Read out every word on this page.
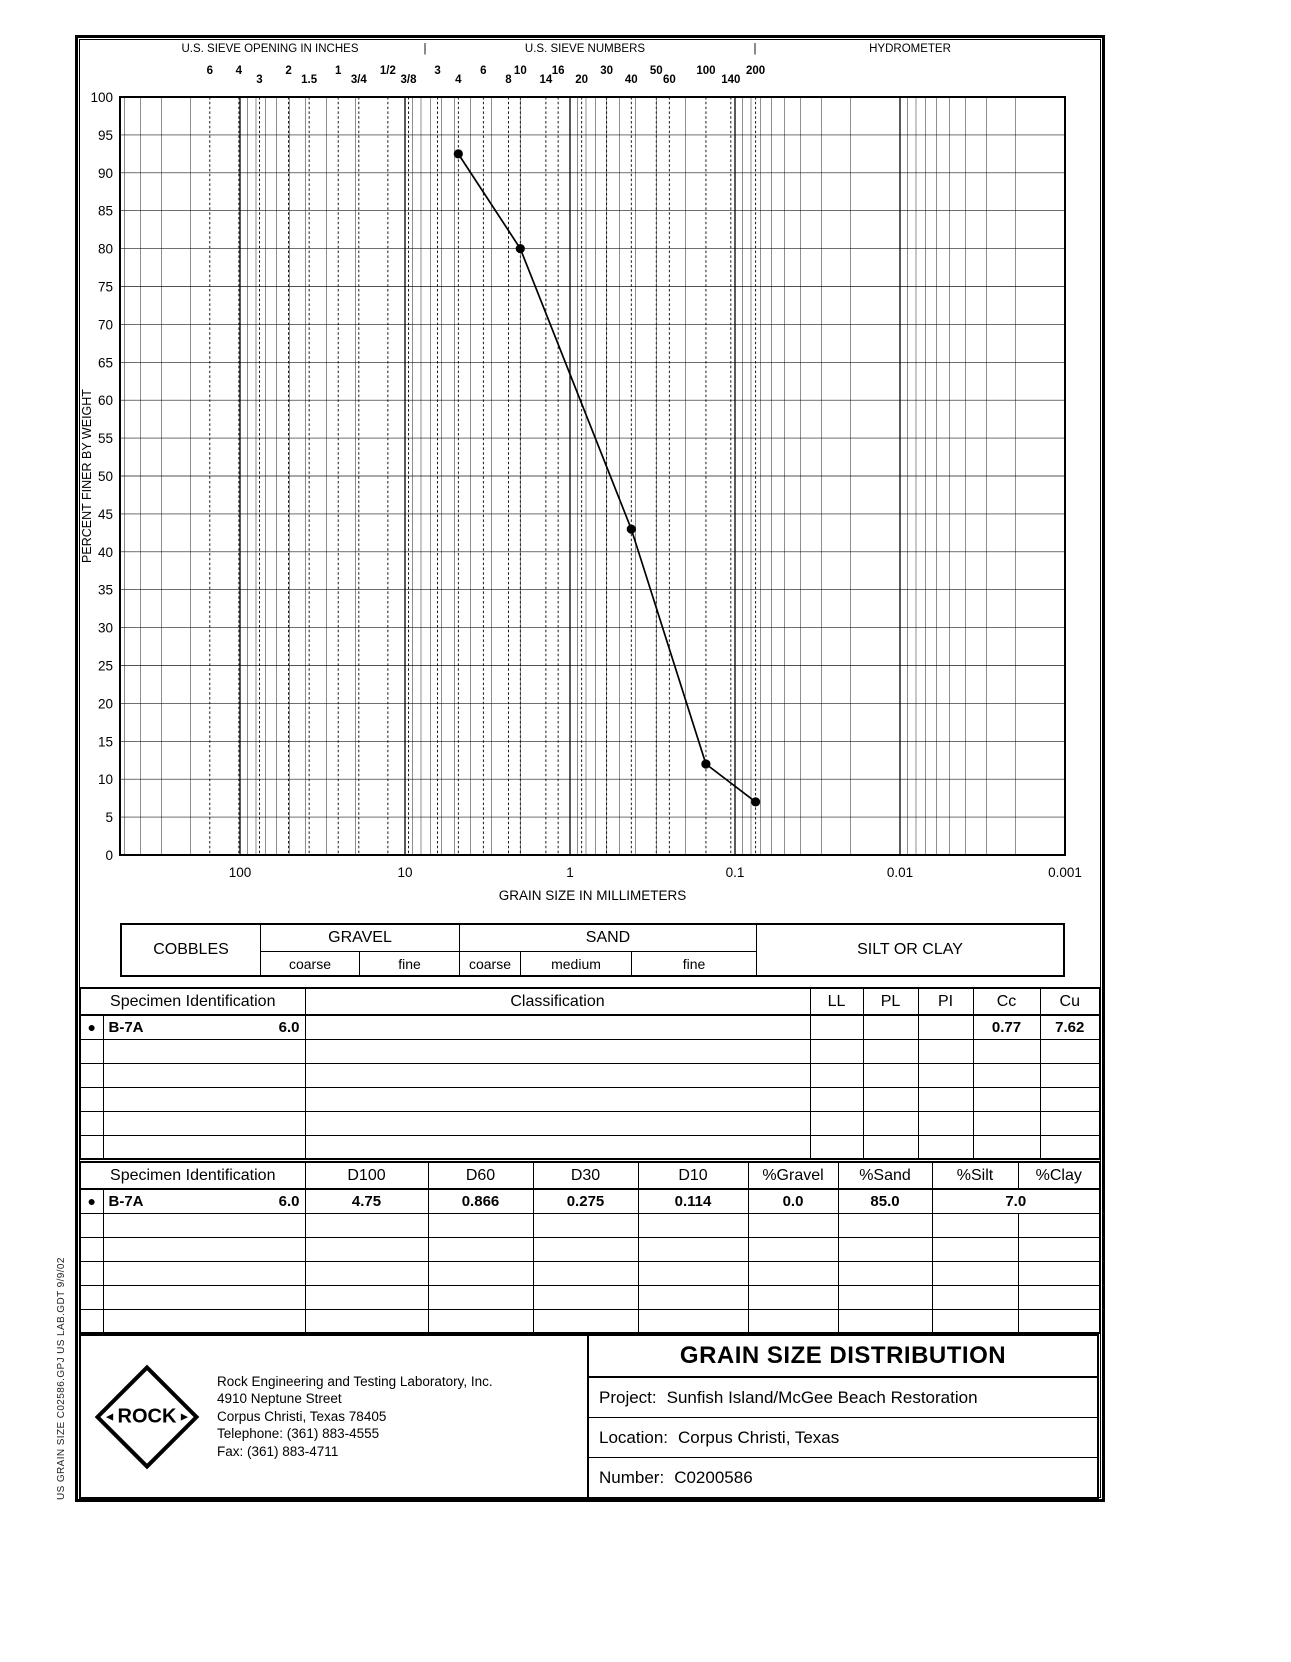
US GRAIN SIZE C02586.GPJ US LAB.GDT 9/9/02
100
95
90
85
80
75
70
65
60
55
50
45
40
35
30
25
20
15
10
5
0
100	10	1	0.1	0.01	0.001
PERCENT FINER BY WEIGHT
GRAIN SIZE IN MILLIMETERS
U.S. SIEVE OPENING IN INCHES	U.S. SIEVE NUMBERS	HYDROMETER
|	|
6 4
3
2
1.5
1
3/4
1/2
3/8
3
4
6
8
10
14
16
20
30
40
50
60
100
140
200
COBBLES
GRAVEL
coarse	fine
SAND
coarse	medium	fine
SILT OR CLAY
Specimen Identification		Classification	LL	PL	PI	Cc	Cu
●	B-7A 6.0					0.77	7.62

Specimen Identification		D100	D60	D30	D10	%Gravel	%Sand	%Silt	%Clay
●	B-7A 6.0	4.75	0.866	0.275	0.114	0.0	85.0	7.0	

◄ ROCK ►
Rock Engineering and Testing Laboratory, Inc.
4910 Neptune Street
Corpus Christi, Texas 78405
Telephone: (361) 883-4555
Fax: (361) 883-4711
GRAIN SIZE DISTRIBUTION
Project: Sunfish Island/McGee Beach Restoration
Location: Corpus Christi, Texas
Number: C0200586
